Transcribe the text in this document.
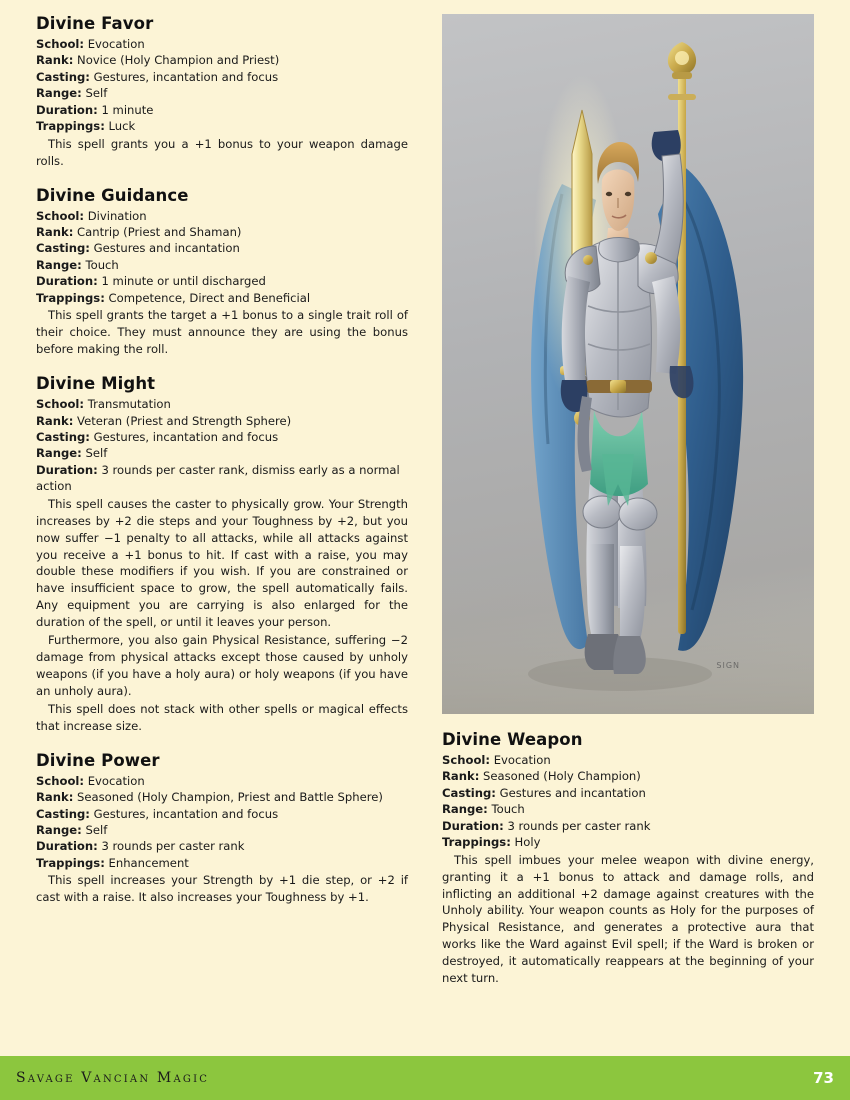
Divine Favor

School: Evocation

Rank: Novice (Holy Champion and Priest)

Casting: Gestures, incantation and focus

Range: Self

Duration: 1 minute

Trappings: Luck

This spell grants you a +1 bonus to your weapon damage rolls.

Divine Guidance

School: Divination

Rank: Cantrip (Priest and Shaman)

Casting: Gestures and incantation

Range: Touch

Duration: 1 minute or until discharged

Trappings: Competence, Direct and Beneficial

This spell grants the target a +1 bonus to a single trait roll of their choice. They must announce they are using the bonus before making the roll.

Divine Might

School: Transmutation

Rank: Veteran (Priest and Strength Sphere)

Casting: Gestures, incantation and focus

Range: Self

Duration: 3 rounds per caster rank, dismiss early as a normal action

This spell causes the caster to physically grow. Your Strength increases by +2 die steps and your Toughness by +2, but you now suffer −1 penalty to all attacks, while all attacks against you receive a +1 bonus to hit. If cast with a raise, you may double these modifiers if you wish. If you are constrained or have insufficient space to grow, the spell automatically fails. Any equipment you are carrying is also enlarged for the duration of the spell, or until it leaves your person.

Furthermore, you also gain Physical Resistance, suffering −2 damage from physical attacks except those caused by unholy weapons (if you have a holy aura) or holy weapons (if you have an unholy aura).

This spell does not stack with other spells or magical effects that increase size.

Divine Power

School: Evocation

Rank: Seasoned (Holy Champion, Priest and Battle Sphere)

Casting: Gestures, incantation and focus

Range: Self

Duration: 3 rounds per caster rank

Trappings: Enhancement

This spell increases your Strength by +1 die step, or +2 if cast with a raise. It also increases your Toughness by +1.

SIGN
Divine Weapon

School: Evocation

Rank: Seasoned (Holy Champion)

Casting: Gestures and incantation

Range: Touch

Duration: 3 rounds per caster rank

Trappings: Holy

This spell imbues your melee weapon with divine energy, granting it a +1 bonus to attack and damage rolls, and inflicting an additional +2 damage against creatures with the Unholy ability. Your weapon counts as Holy for the purposes of Physical Resistance, and generates a protective aura that works like the Ward against Evil spell; if the Ward is broken or destroyed, it automatically reappears at the beginning of your next turn.

Savage Vancian Magic	73
